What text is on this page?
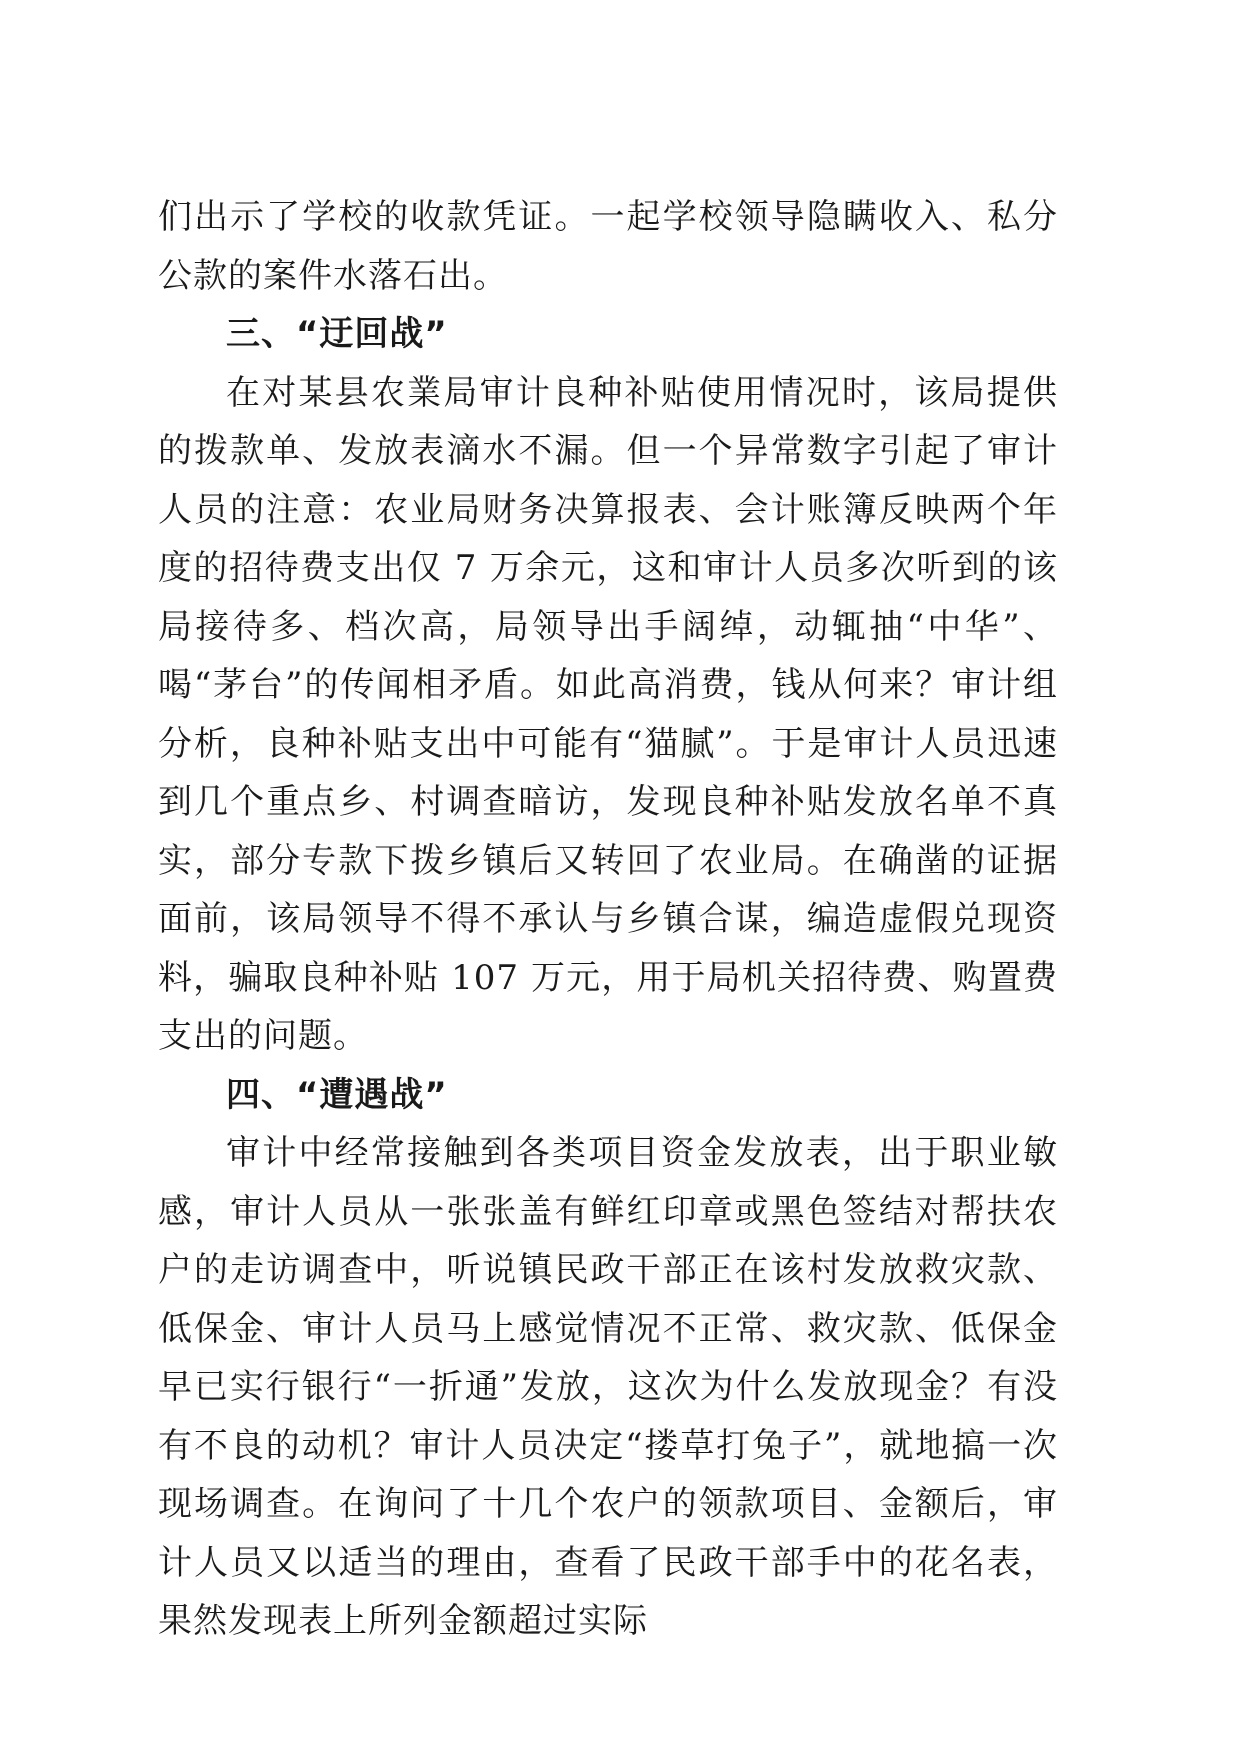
们出示了学校的收款凭证。一起学校领导隐瞒收入、私分公款的案件水落石出。

三、“迂回战”

在对某县农業局审计良种补贴使用情况时，该局提供的拨款单、发放表滴水不漏。但一个异常数字引起了审计人员的注意：农业局财务决算报表、会计账簿反映两个年度的招待费支出仅 7 万余元，这和审计人员多次听到的该局接待多、档次高，局领导出手阔绰，动辄抽“中华”、喝“茅台”的传闻相矛盾。如此高消费，钱从何来？审计组分析，良种补贴支出中可能有“猫腻”。于是审计人员迅速到几个重点乡、村调查暗访，发现良种补贴发放名单不真实，部分专款下拨乡镇后又转回了农业局。在确凿的证据面前，该局领导不得不承认与乡镇合谋，编造虚假兑现资料，骗取良种补贴 107 万元，用于局机关招待费、购置费支出的问题。

四、“遭遇战”

审计中经常接触到各类项目资金发放表，出于职业敏感，审计人员从一张张盖有鲜红印章或黑色签结对帮扶农户的走访调查中，听说镇民政干部正在该村发放救灾款、低保金、审计人员马上感觉情况不正常、救灾款、低保金早已实行银行“一折通”发放，这次为什么发放现金？有没有不良的动机？审计人员决定“搂草打兔子”，就地搞一次现场调查。在询问了十几个农户的领款项目、金额后，审计人员又以适当的理由，查看了民政干部手中的花名表，果然发现表上所列金额超过实际
